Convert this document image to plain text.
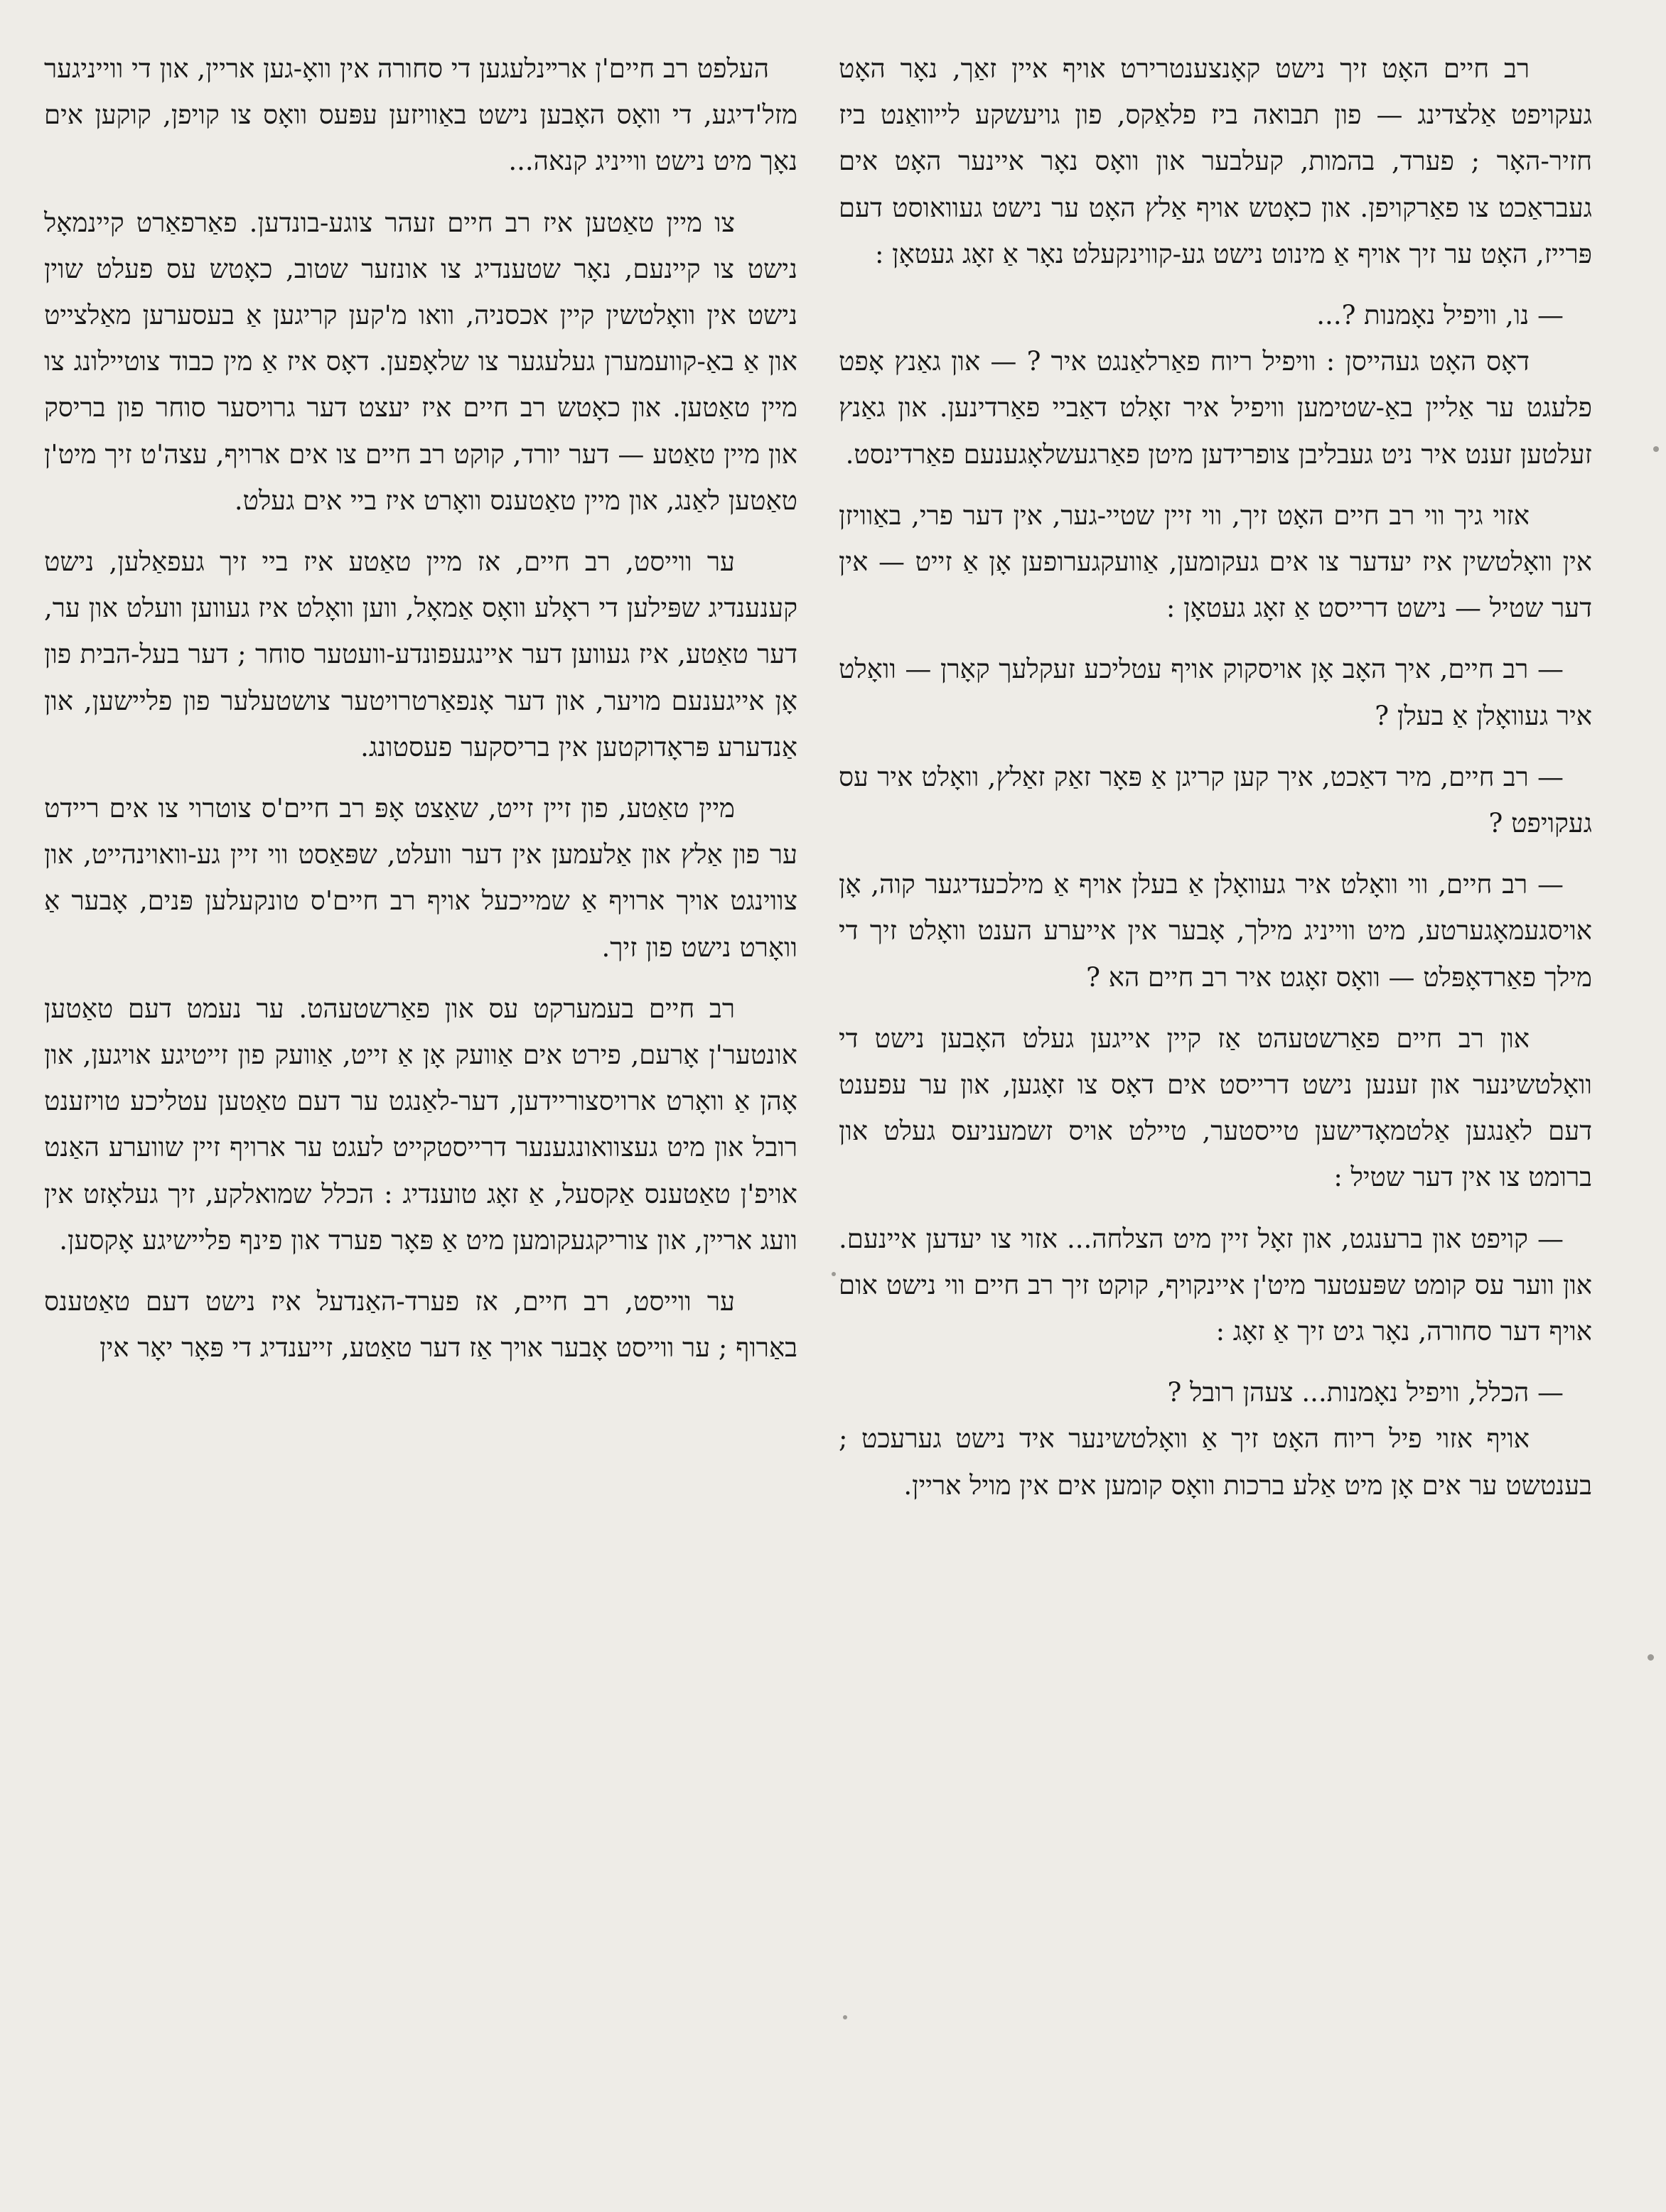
רב חיים האָט זיך נישט קאָנצענטרירט אויף איין זאַך, נאָר האָט געקויפט אַלצדינג — פון תבואה ביז פלאַקס, פון גויעשקע לייוואַנט ביז חזיר-האָר ; פערד, בהמות, קעלבער און וואָס נאָר איינער האָט אים געבראַכט צו פאַרקויפן. און כאָטש אויף אַלץ האָט ער נישט געוואוסט דעם פּרייז, האָט ער זיך אויף אַ מינוט נישט גע-קווינקעלט נאָר אַ זאָג געטאָן :

— נו, וויפיל נאָמנות ?...

דאָס האָט געהייסן : וויפיל ריוח פאַרלאַנגט איר ? — און גאַנץ אָפט פלעגט ער אַליין באַ-שטימען וויפיל איר זאָלט דאַביי פאַרדינען. און גאַנץ זעלטען זענט איר ניט געבליבן צופרידען מיטן פאַרגעשלאָגענעם פאַרדינסט.

אזוי גיך ווי רב חיים האָט זיך, ווי זיין שטיי-גער, אין דער פרי, באַוויזן אין וואָלטשין איז יעדער צו אים געקומען, אַוועקגערופען אָן אַ זייט — אין דער שטיל — נישט דרייסט אַ זאָג געטאָן :

— רב חיים, איך האָב אָן אויסקוק אויף עטליכע זעקלעך קאָרן — וואָלט איר געוואָלן אַ בעלן ?

— רב חיים, מיר דאַכט, איך קען קריגן אַ פּאָר זאַק זאַלץ, וואָלט איר עס געקויפט ?

— רב חיים, ווי וואָלט איר געוואָלן אַ בעלן אויף אַ מילכעדיגער קוה, אָן אויסגעמאָגערטע, מיט ווייניג מילך, אָבער אין אייערע הענט וואָלט זיך די מילך פאַרדאָפּלט — וואָס זאָגט איר רב חיים הא ?

און רב חיים פאַרשטעהט אַז קיין אייגען געלט האָבען נישט די וואָלטשינער און זענען נישט דרייסט אים דאָס צו זאָגען, און ער עפענט דעם לאַנגען אַלטמאָדישען טייסטער, טיילט אויס זשמעניעס געלט און ברומט צו אין דער שטיל :

— קויפט און ברענגט, און זאָל זיין מיט הצלחה... אזוי צו יעדען איינעם. און ווער עס קומט שפּעטער מיט'ן איינקויף, קוקט זיך רב חיים ווי נישט אום אויף דער סחורה, נאָר גיט זיך אַ זאָג :

— הכלל, וויפיל נאָמנות... צעהן רובל ?

אויף אזוי פיל ריוח האָט זיך אַ וואָלטשינער איד נישט גערעכט ; בענטשט ער אים אָן מיט אַלע ברכות וואָס קומען אים אין מויל אריין.

העלפט רב חיים'ן ארײנלעגען די סחורה אין וואָ-גען אריין, און די ווייניגער מזל'דיגע, די וואָס האָבען נישט באַוויזען עפּעס וואָס צו קויפן, קוקען אים נאָך מיט נישט ווייניג קנאה...

צו מיין טאַטען איז רב חיים זעהר צוגע-בונדען. פאַרפאַרט קיינמאָל נישט צו קיינעם, נאָר שטענדיג צו אונזער שטוב, כאָטש עס פעלט שוין נישט אין וואָלטשין קיין אכסניה, וואו מ'קען קריגען אַ בעסערען מאַלצייט און אַ באַ-קוועמערן געלעגער צו שלאָפען. דאָס איז אַ מין כבוד צוטיילונג צו מיין טאַטען. און כאָטש רב חיים איז יעצט דער גרויסער סוחר פון בריסק און מיין טאַטע — דער יורד, קוקט רב חיים צו אים ארויף, עצה'ט זיך מיט'ן טאַטען לאַנג, און מיין טאַטענס וואָרט איז ביי אים געלט.

ער ווייסט, רב חיים, אז מיין טאַטע איז ביי זיך געפאַלען, נישט קענענדיג שפּילען די ראָלע וואָס אַמאָל, ווען וואָלט איז געווען וועלט און ער, דער טאַטע, איז געווען דער איינגעפונדע-וועטער סוחר ; דער בעל-הבית פון אָן אייגענעם מויער, און דער אָנפאַרטרויטער צושטעלער פון פליישען, און אַנדערע פּראָדוקטען אין בריסקער פעסטונג.

מיין טאַטע, פון זיין זייט, שאַצט אָפּ רב חיים'ס צוטרוי צו אים ריידט ער פון אַלץ און אַלעמען אין דער וועלט, שפּאַסט ווי זיין גע-וואוינהייט, און צווינגט אויך ארויף אַ שמייכעל אויף רב חיים'ס טונקעלען פּנים, אָבער אַ וואָרט נישט פון זיך.

רב חיים בעמערקט עס און פאַרשטעהט. ער נעמט דעם טאַטען אונטער'ן אָרעם, פירט אים אַוועק אָן אַ זייט, אַוועק פון זייטיגע אויגען, און אָהן אַ וואָרט ארויסצוריידען, דער-לאַנגט ער דעם טאַטען עטליכע טויזענט רובל און מיט געצוואונגענער דרייסטקייט לעגט ער ארויף זיין שווערע האַנט אויפ'ן טאַטענס אַקסעל, אַ זאָג טוענדיג : הכלל שמואלקע, זיך געלאָזט אין וועג אריין, און צוריקגעקומען מיט אַ פּאָר פערד און פינף פליישיגע אָקסען.

ער ווייסט, רב חיים, אז פערד-האַנדעל איז נישט דעם טאַטענס באַרוף ; ער ווייסט אָבער אויך אַז דער טאַטע, זייענדיג די פּאָר יאָר אין
